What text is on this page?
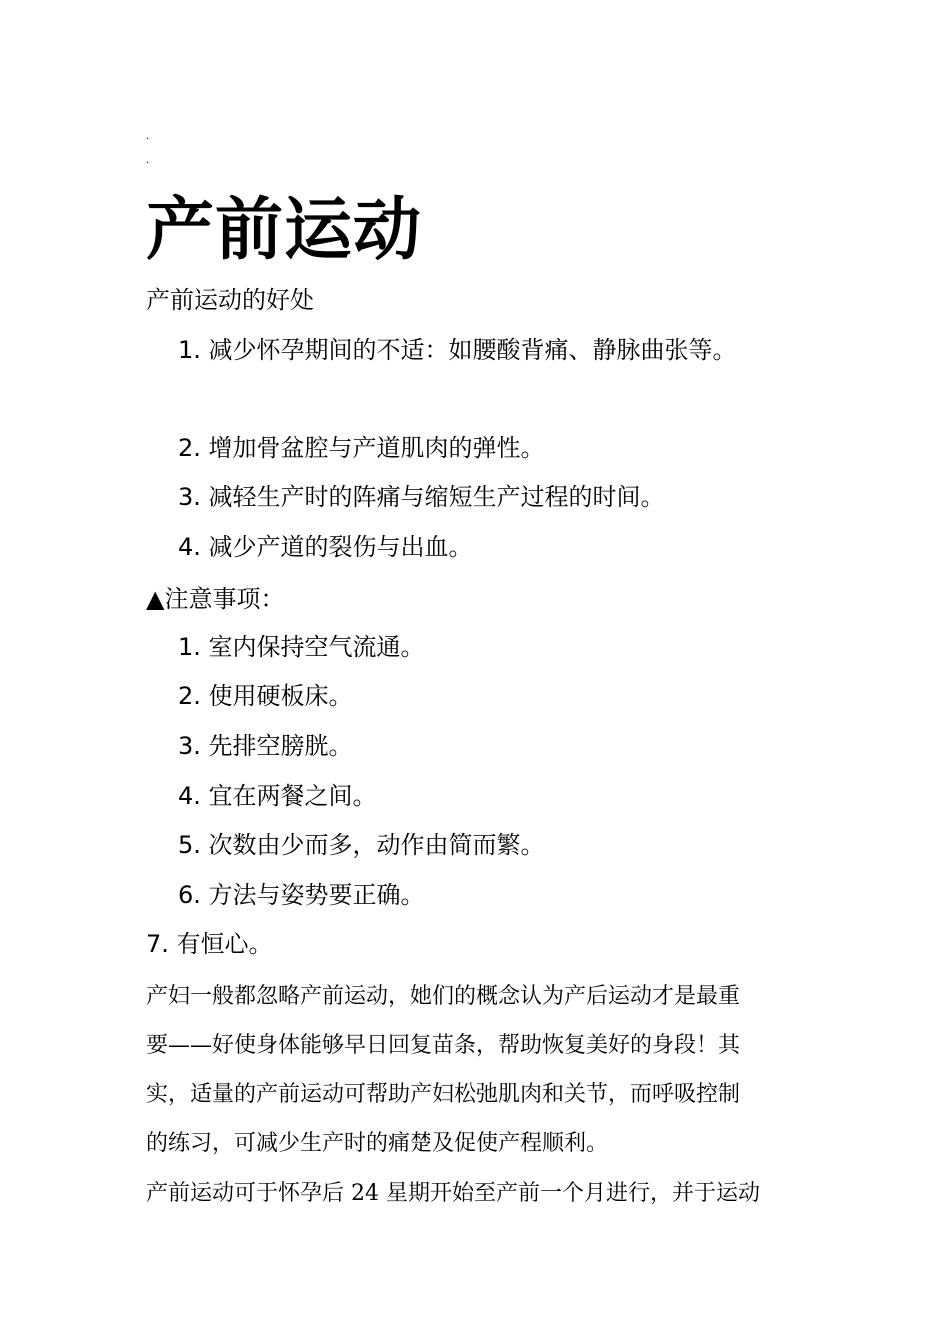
.
.
产前运动
产前运动的好处
1. 减少怀孕期间的不适：如腰酸背痛、静脉曲张等。
2. 增加骨盆腔与产道肌肉的弹性。
3. 减轻生产时的阵痛与缩短生产过程的时间。
4. 减少产道的裂伤与出血。
▲注意事项：
1. 室内保持空气流通。
2. 使用硬板床。
3. 先排空膀胱。
4. 宜在两餐之间。
5. 次数由少而多，动作由简而繁。
6. 方法与姿势要正确。
7. 有恒心。
产妇一般都忽略产前运动，她们的概念认为产后运动才是最重
要——好使身体能够早日回复苗条，帮助恢复美好的身段！其
实，适量的产前运动可帮助产妇松弛肌肉和关节，而呼吸控制
的练习，可减少生产时的痛楚及促使产程顺利。
产前运动可于怀孕后 24 星期开始至产前一个月进行，并于运动
